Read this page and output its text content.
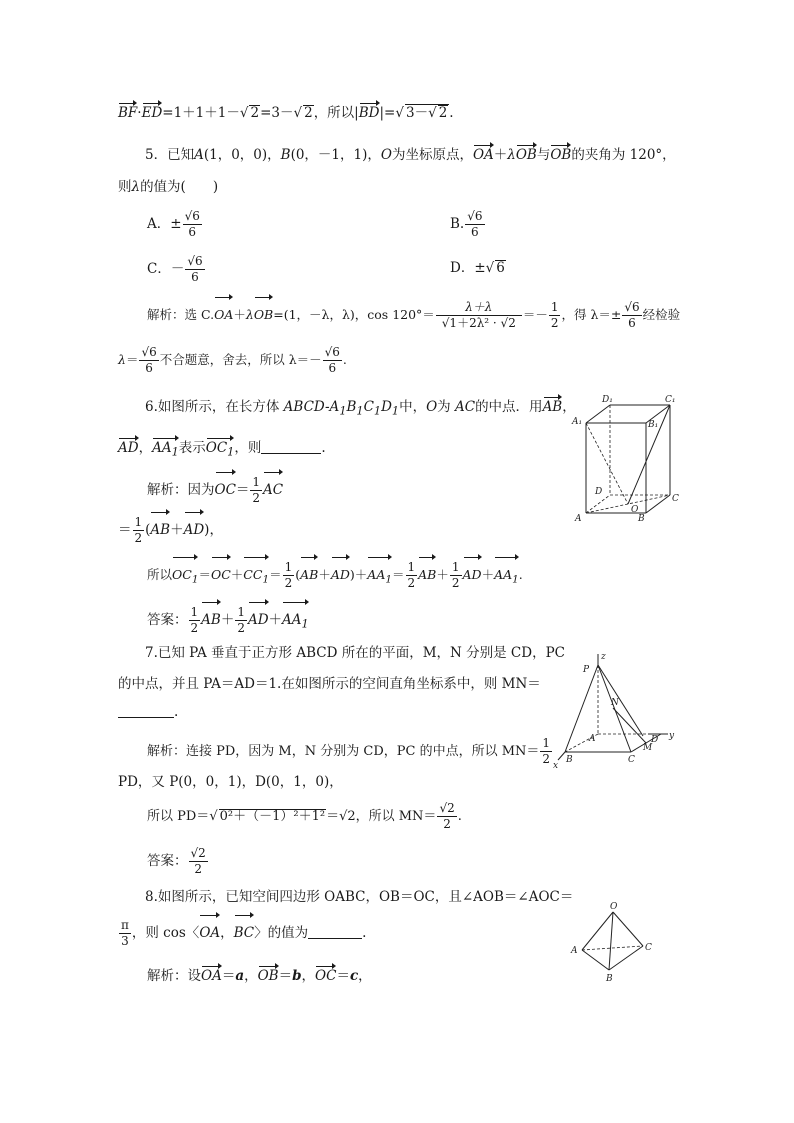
BF·ED=1＋1＋1－√ 2=3－√ 2，所以|BD|=√ 3－√ 2 .
5．已知A(1，0，0)，B(0，－1，1)，O为坐标原点，OA＋λOB与OB的夹角为 120°，
则λ的值为(　　)
A．± $\frac{√6}{6}$	B. $\frac{√6}{6}$
C．－ $\frac{√6}{6}$	D．±√ 6
解析：选 C.OA＋λOB=(1，－λ，λ)，$\cos 120^\circ= \frac{\lambda+\lambda}{\text{√1＋2λ² · √2}} =- \frac{1}{2}$ ，得 $\lambda=\pm \frac{√6}{6}$ 经检验
$\lambda= \frac{√6}{6}$ 不合题意，舍去，所以 $\lambda=- \frac{√6}{6}$ .
6.如图所示，在长方体 ABCD-$A_1B_1C_1D_1$中，O为 AC的中点．用AB，
AD，$AA_1$表示$OC_1$，则	.
解析：因为$OC= \frac{1}{2}$ AC
＝ $\frac{1}{2} (AB+AD)$，
所以$OC_1=OC+CC_1= \frac{1}{2} (AB+AD)+AA_1= \frac{1}{2} AB+ \frac{1}{2} AD+AA_1$.
答案： $\frac{1}{2} AB+ \frac{1}{2} AD+AA_1$
D₁	C₁
A₁	B₁
D
C
A	B
O
7.已知 PA 垂直于正方形 ABCD 所在的平面，M，N 分别是 CD，PC
的中点，并且 PA＝AD＝1.在如图所示的空间直角坐标系中，则 MN＝
.
解析：连接 PD，因为 M，N 分别为 CD，PC 的中点，所以 $MN= \frac{1}{2}$
PD，又 P(0，0，1)，D(0，1，0)，
所以 PD＝√ 0²＋（－1）²＋1²＝√2，所以 $MN= \frac{√2}{2}$ .
答案： $\frac{√2}{2}$
P
z
N
A	D y
M
B	C
x
8.如图所示，已知空间四边形 OABC，OB＝OC，且∠AOB＝∠AOC＝
$\frac{\pi}{3}$ ，则 cos〈OA，BC〉的值为	.
解析：设OA＝a，OB＝b，OC＝c，
O
A	C
B
